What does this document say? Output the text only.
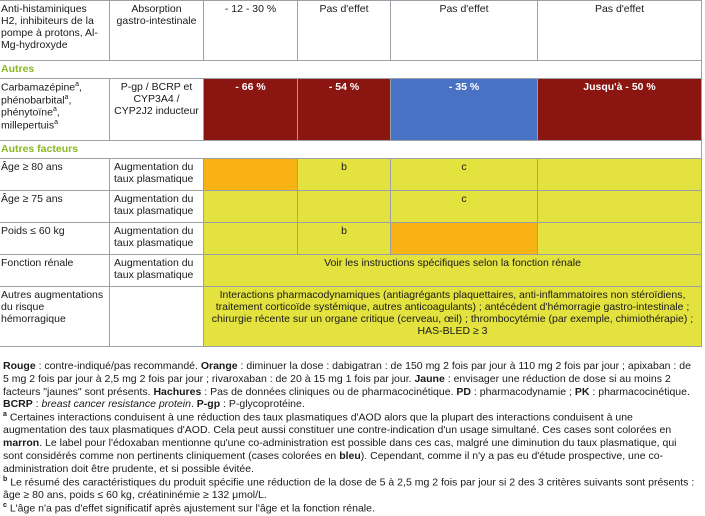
Anti-histaminiques H2, inhibiteurs de la pompe à protons, Al-Mg-hydroxyde	Absorption gastro-intestinale	- 12 - 30 %	Pas d'effet	Pas d'effet	Pas d'effet
Autres					
Carbamazépine$^a$,
phénobarbital$^a$,
phénytoïne$^a$,
millepertuis$^a$	P-gp / BCRP et CYP3A4 / CYP2J2 inducteur	- 66 %	- 54 %	- 35 %	Jusqu'à - 50 %
Autres facteurs					
Âge ≥ 80 ans	Augmentation du taux plasmatique		b	c	
Âge ≥ 75 ans	Augmentation du taux plasmatique			c	
Poids ≤ 60 kg	Augmentation du taux plasmatique		b		
Fonction rénale	Augmentation du taux plasmatique	Voir les instructions spécifiques selon la fonction rénale			
Autres augmentations du risque hémorragique		Interactions pharmacodynamiques (antiagrégants plaquettaires, anti-inflammatoires non stéroïdiens, traitement corticoïde systémique, autres anticoagulants) ; antécédent d'hémorragie gastro-intestinale ; chirurgie récente sur un organe critique (cerveau, œil) ; thrombocytémie (par exemple, chimiothérapie) ; HAS-BLED ≥ 3			

Rouge : contre-indiqué/pas recommandé. Orange : diminuer la dose : dabigatran : de 150 mg 2 fois par jour à 110 mg 2 fois par jour ; apixaban : de 5 mg 2 fois par jour à 2,5 mg 2 fois par jour ; rivaroxaban : de 20 à 15 mg 1 fois par jour. Jaune : envisager une réduction de dose si au moins 2 facteurs "jaunes" sont présents. Hachures : Pas de données cliniques ou de pharmacocinétique. PD : pharmacodynamie ; PK : pharmacocinétique. BCRP : breast cancer resistance protein. P-gp : P-glycoprotéine.

$^a$ Certaines interactions conduisent à une réduction des taux plasmatiques d'AOD alors que la plupart des interactions conduisent à une augmentation des taux plasmatiques d'AOD. Cela peut aussi constituer une contre-indication d'un usage simultané. Ces cases sont colorées en marron. Le label pour l'édoxaban mentionne qu'une co-administration est possible dans ces cas, malgré une diminution du taux plasmatique, qui sont considérés comme non pertinents cliniquement (cases colorées en bleu). Cependant, comme il n'y a pas eu d'étude prospective, une co-administration doit être prudente, et si possible évitée.

$^b$ Le résumé des caractéristiques du produit spécifie une réduction de la dose de 5 à 2,5 mg 2 fois par jour si 2 des 3 critères suivants sont présents : âge ≥ 80 ans, poids ≤ 60 kg, créatininémie ≥ 132 μmol/L.

$^c$ L'âge n'a pas d'effet significatif après ajustement sur l'âge et la fonction rénale.
